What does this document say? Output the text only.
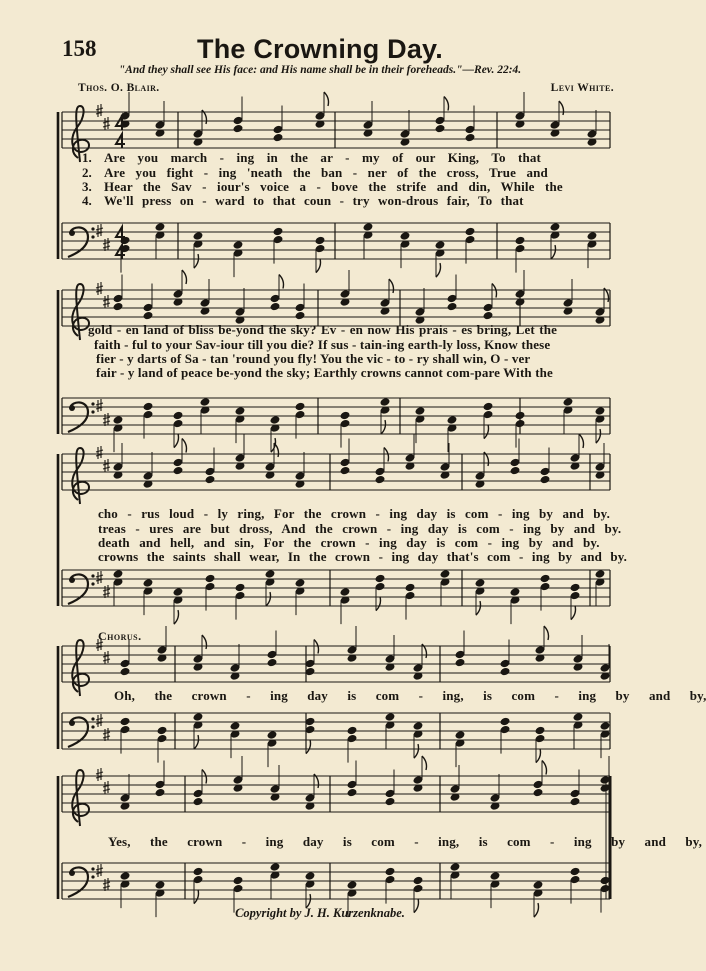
158	The Crowning Day.
"And they shall see His face: and His name shall be in their foreheads."—Rev. 22:4.
Thos. O. Blair.	Levi White.
1.
2.
3.
4.
Are you march - ing in the ar - my of our King, To that
Are you fight - ing 'neath the ban - ner of the cross, True and
Hear the Sav - iour's voice a - bove the strife and din, While the
We'll press on - ward to that coun - try won-drous fair, To that
gold - en land of bliss be-yond the sky? Ev - en now His prais - es bring, Let the
faith - ful to your Sav-iour till you die? If sus - tain-ing earth-ly loss, Know these
fier - y darts of Sa - tan 'round you fly! You the vic - to - ry shall win, O - ver
fair - y land of peace be-yond the sky; Earthly crowns cannot com-pare With the
cho - rus loud - ly ring, For the crown - ing day is com - ing by and by.
treas - ures are but dross, And the crown - ing day is com - ing by and by.
death and hell, and sin, For the crown - ing day is com - ing by and by.
crowns the saints shall wear, In the crown - ing day that's com - ing by and by.
Chorus.
Oh, the crown - ing day is com - ing, is com - ing by and by,
Yes, the crown - ing day is com - ing, is com - ing by and by,
Copyright by J. H. Kurzenknabe.
